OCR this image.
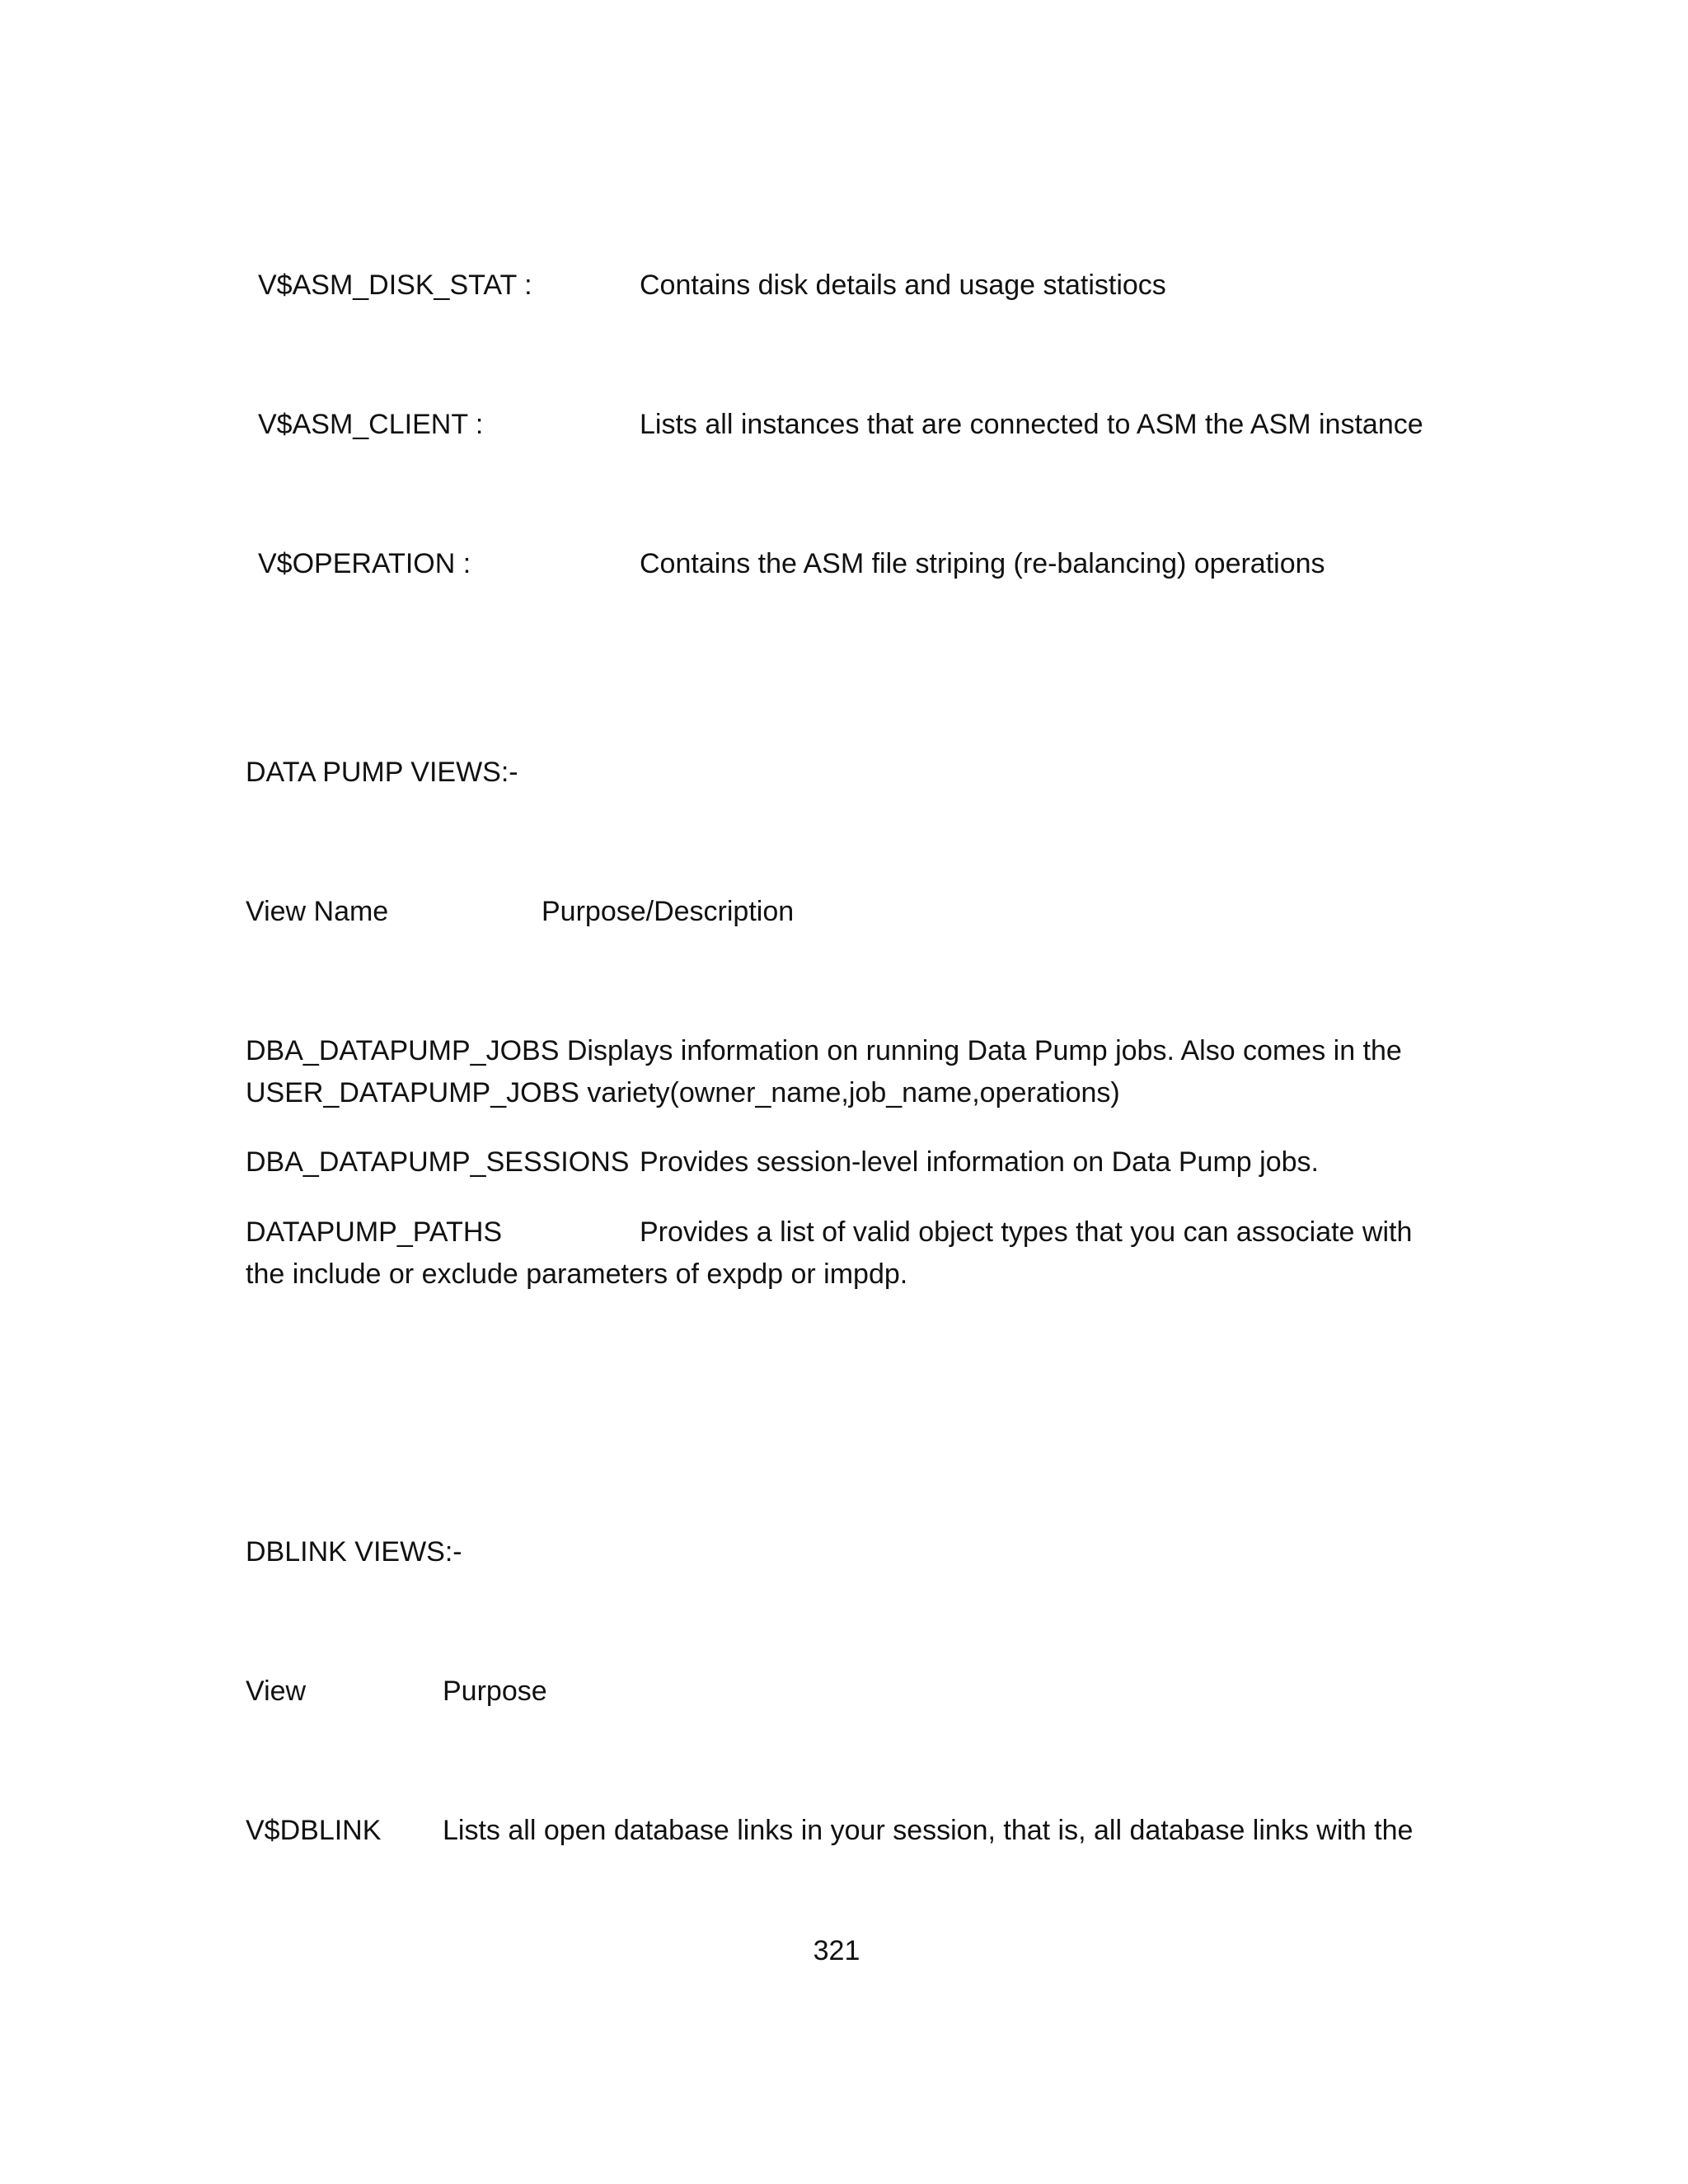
V$ASM_DISK_STAT :	Contains disk details and usage statistiocs
V$ASM_CLIENT :	Lists all instances that are connected to ASM the ASM instance
V$OPERATION :	Contains the ASM file striping (re-balancing) operations
DATA PUMP VIEWS:-
View Name	Purpose/Description
DBA_DATAPUMP_JOBS Displays information on running Data Pump jobs. Also comes in the
USER_DATAPUMP_JOBS variety(owner_name,job_name,operations)
DBA_DATAPUMP_SESSIONS Provides session-level information on Data Pump jobs.
DATAPUMP_PATHS	Provides a list of valid object types that you can associate with
the include or exclude parameters of expdp or impdp.
DBLINK VIEWS:-
View	Purpose
V$DBLINK Lists all open database links in your session, that is, all database links with the
321
